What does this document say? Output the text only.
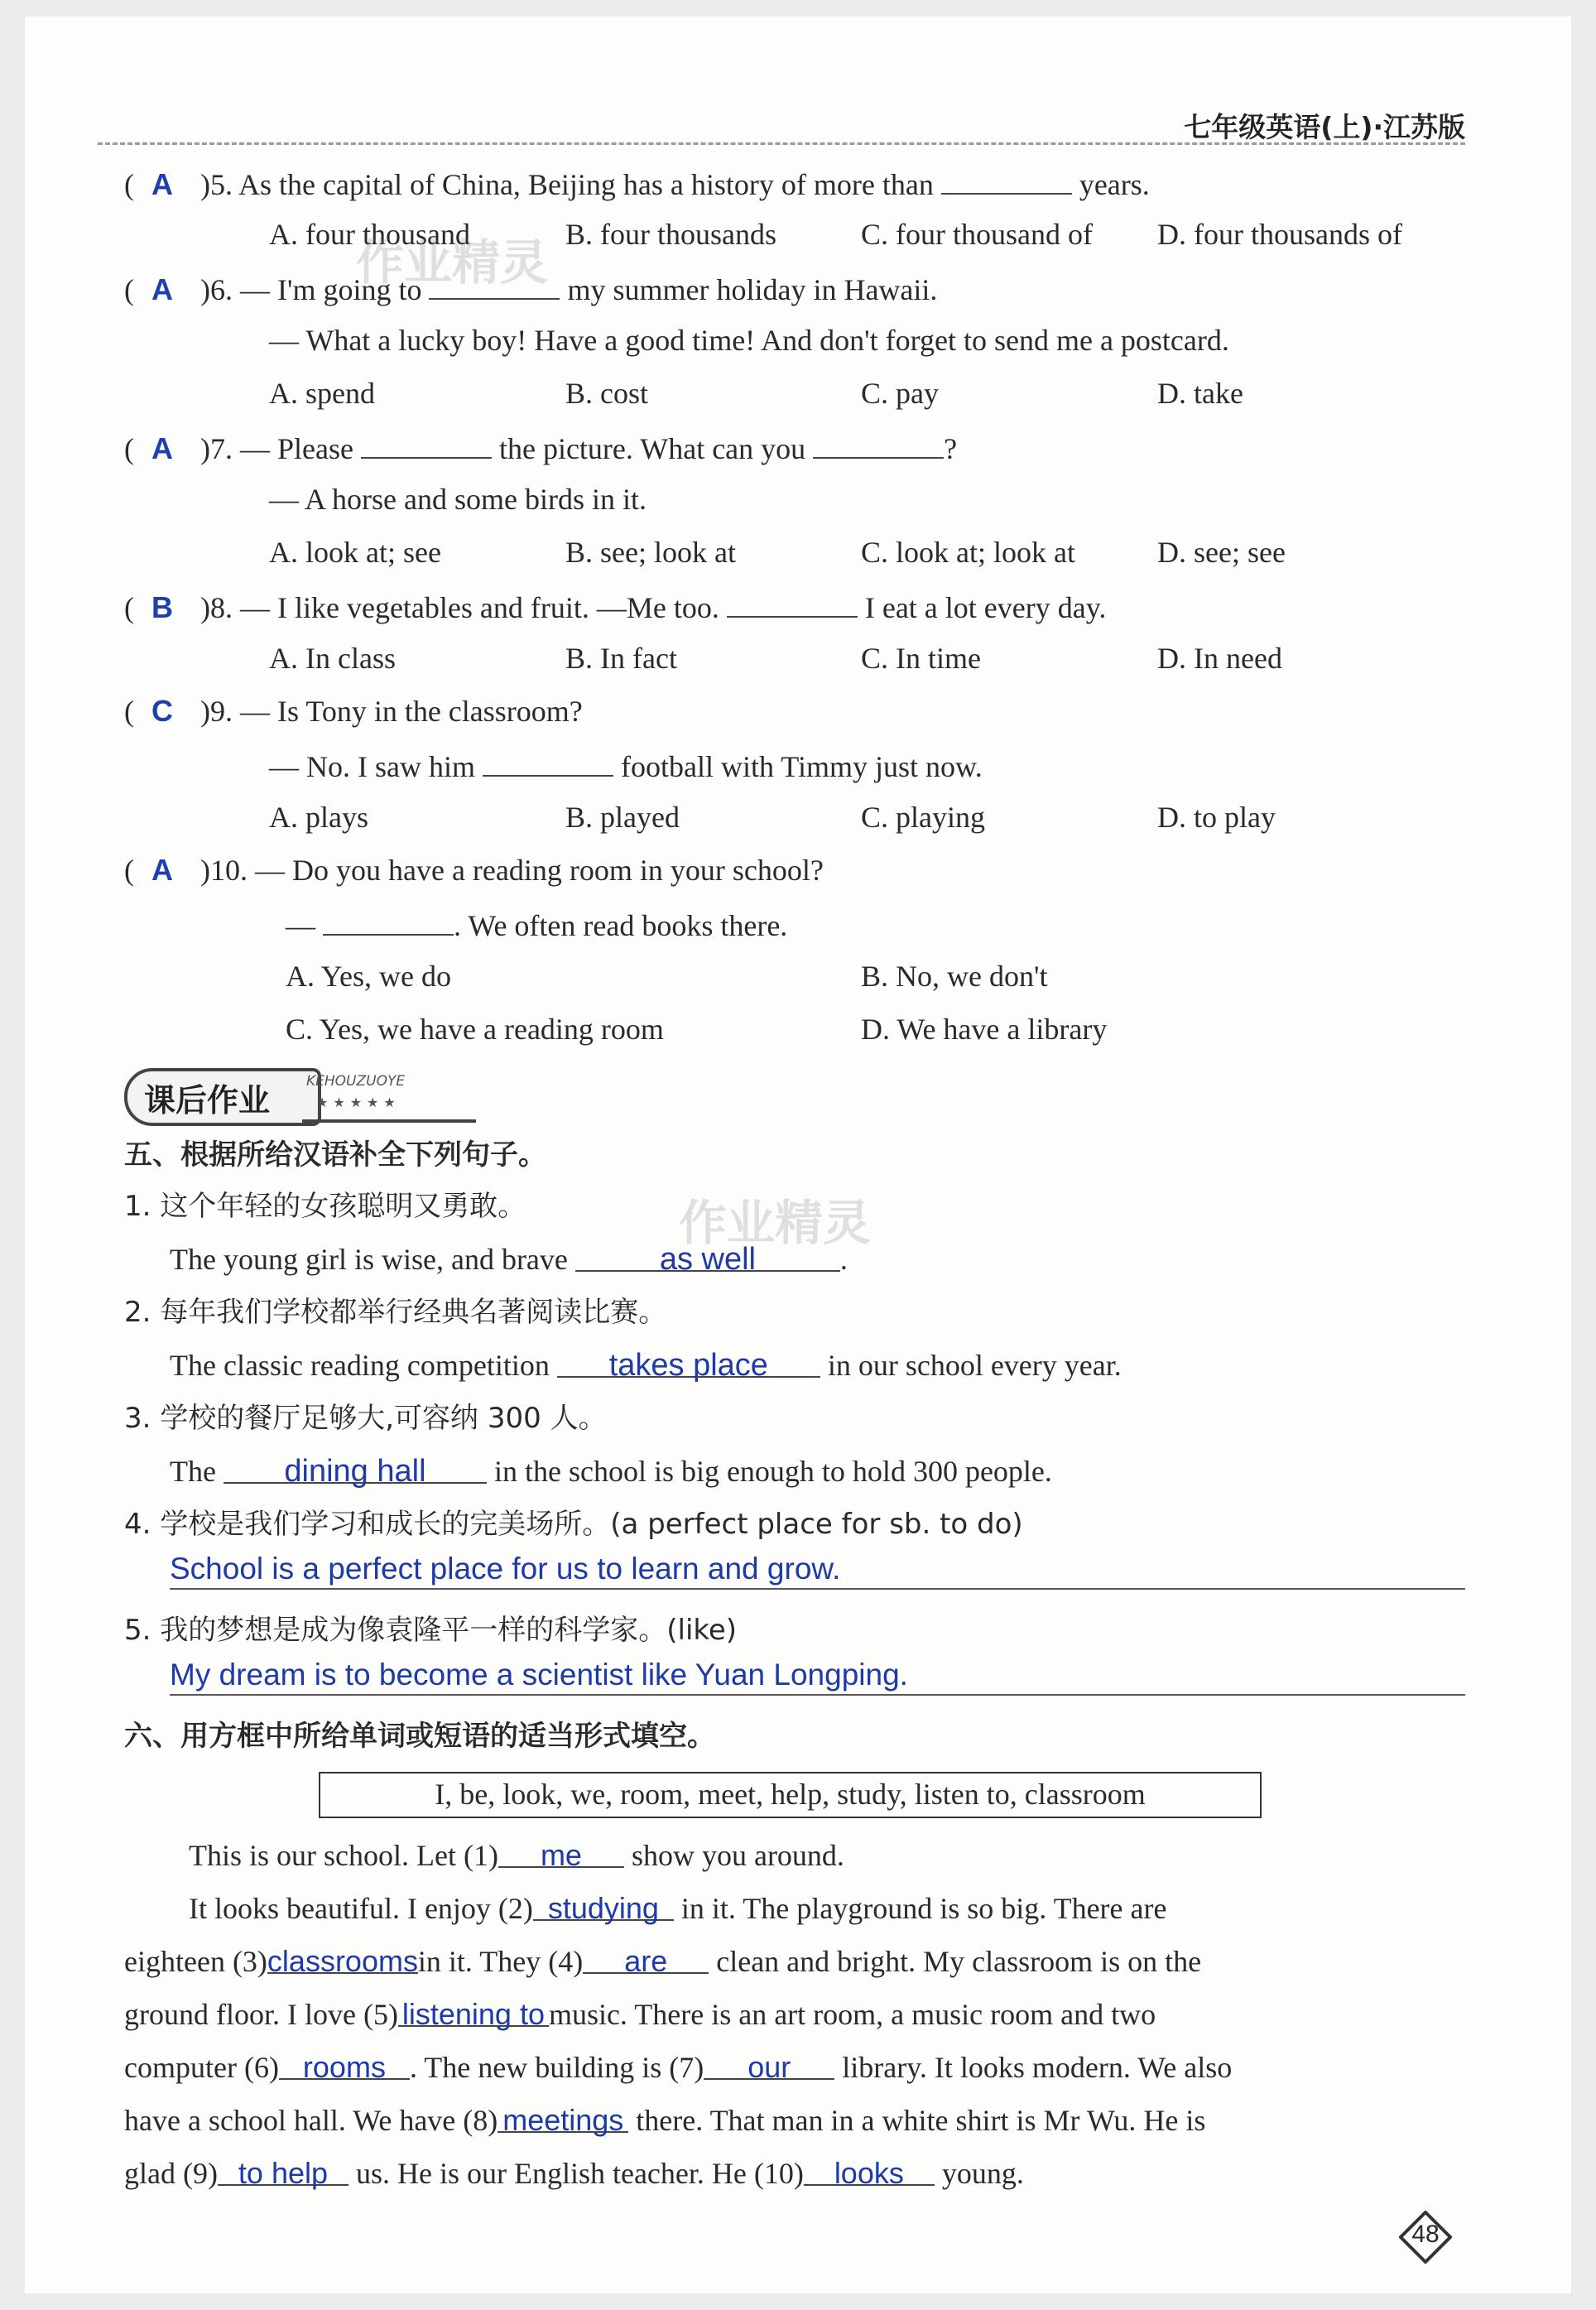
七年级英语(上)·江苏版
( A )5. As the capital of China, Beijing has a history of more than	years.
A. four thousand	B. four thousands	C. four thousand of D. four thousands of
( A )6. — I'm going to	my summer holiday in Hawaii.
— What a lucky boy! Have a good time! And don't forget to send me a postcard.
A. spend	B. cost	C. pay	D. take
( A )7. — Please	the picture. What can you	?
— A horse and some birds in it.
A. look at; see	B. see; look at	C. look at; look at	D. see; see
( B )8. — I like vegetables and fruit. —Me too.	I eat a lot every day.
A. In class	B. In fact	C. In time	D. In need
( C )9. — Is Tony in the classroom?
— No. I saw him	football with Timmy just now.
A. plays	B. played	C. playing	D. to play
( A )10. — Do you have a reading room in your school?
—	. We often read books there.
A. Yes, we do	B. No, we don't
C. Yes, we have a reading room	D. We have a library
课后作业
KEHOUZUOYE
★★★★★
五、根据所给汉语补全下列句子。
1. 这个年轻的女孩聪明又勇敢。
The young girl is wise, and brave	as well	.
2. 每年我们学校都举行经典名著阅读比赛。
The classic reading competition takes place in our school every year.
3. 学校的餐厅足够大,可容纳 300 人。
The dining hall in the school is big enough to hold 300 people.
4. 学校是我们学习和成长的完美场所。(a perfect place for sb. to do)
School is a perfect place for us to learn and grow.
5. 我的梦想是成为像袁隆平一样的科学家。(like)
My dream is to become a scientist like Yuan Longping.
六、用方框中所给单词或短语的适当形式填空。
I, be, look, we, room, meet, help, study, listen to, classroom
This is our school. Let (1) me show you around.
It looks beautiful. I enjoy (2) studying in it. The playground is so big. There are
eighteen (3)classroomsin it. They (4) are clean and bright. My classroom is on the
ground floor. I love (5) listening to music. There is an art room, a music room and two
computer (6) rooms . The new building is (7) our library. It looks modern. We also
have a school hall. We have (8) meetings there. That man in a white shirt is Mr Wu. He is
glad (9) to help us. He is our English teacher. He (10) looks young.
作业精灵
作业精灵
48
